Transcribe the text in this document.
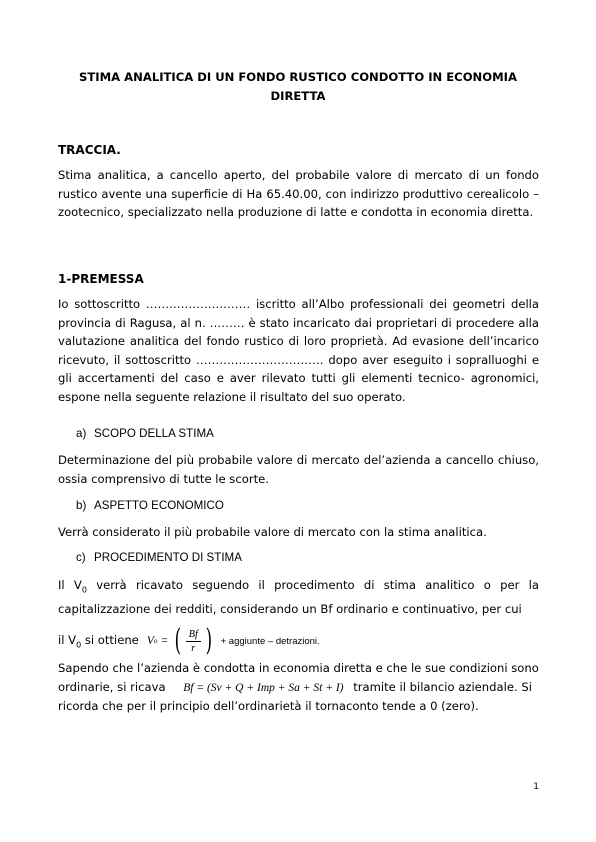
STIMA ANALITICA DI UN FONDO RUSTICO CONDOTTO IN ECONOMIA DIRETTA
TRACCIA.

Stima analitica, a cancello aperto, del probabile valore di mercato di un fondo rustico avente una superficie di Ha 65.40.00, con indirizzo produttivo cerealicolo – zootecnico, specializzato nella produzione di latte e condotta in economia diretta.

1-PREMESSA

Io sottoscritto ……………………… iscritto all’Albo professionali dei geometri della provincia di Ragusa, al n. ……… è stato incaricato dai proprietari di procedere alla valutazione analitica del fondo rustico di loro proprietà. Ad evasione dell’incarico ricevuto, il sottoscritto …………………………… dopo aver eseguito i sopralluoghi e gli accertamenti del caso e aver rilevato tutti gli elementi tecnico- agronomici, espone nella seguente relazione il risultato del suo operato.

a) SCOPO DELLA STIMA

Determinazione del più probabile valore di mercato del’azienda a cancello chiuso, ossia comprensivo di tutte le scorte.

b) ASPETTO ECONOMICO

Verrà considerato il più probabile valore di mercato con la stima analitica.

c) PROCEDIMENTO DI STIMA

Il $V_0$ verrà ricavato seguendo il procedimento di stima analitico o per la capitalizzazione dei redditi, considerando un Bf ordinario e continuativo, per cui

il $V_0$ si ottiene V o = ( $\frac{Bf}{r}$ ) + aggiunte – detrazioni.

Sapendo che l’azienda è condotta in economia diretta e che le sue condizioni sono ordinarie, si ricava Bf = (Sv + Q + Imp + Sa + St + I) tramite il bilancio aziendale. Si ricorda che per il principio dell’ordinarietà il tornaconto tende a 0 (zero).

1
